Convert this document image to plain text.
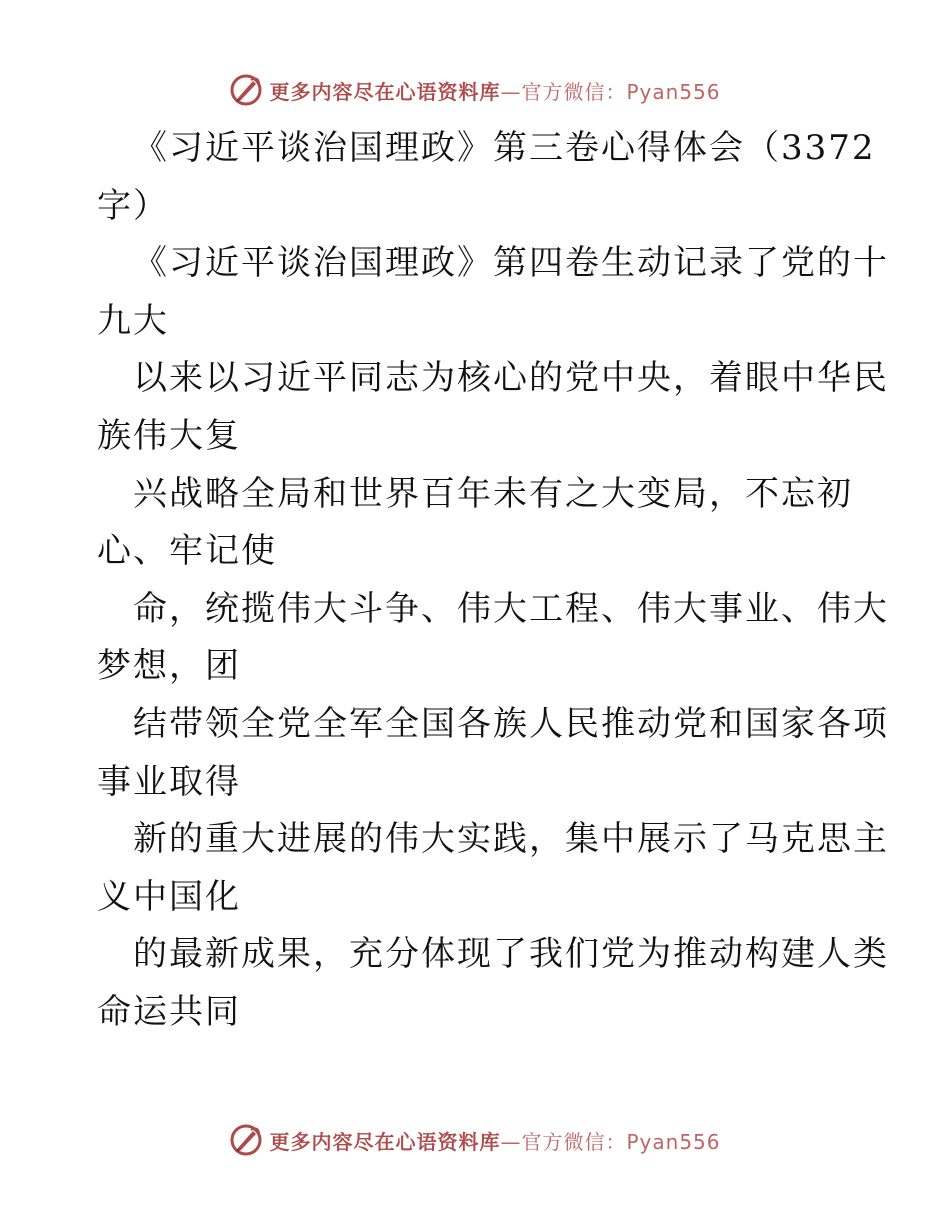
更多内容尽在心语资料库—官方微信：Pyan556
《习近平谈治国理政》第三卷心得体会（3372
字）
《习近平谈治国理政》第四卷生动记录了党的十
九大
以来以习近平同志为核心的党中央，着眼中华民
族伟大复
兴战略全局和世界百年未有之大变局，不忘初
心、牢记使
命，统揽伟大斗争、伟大工程、伟大事业、伟大
梦想，团
结带领全党全军全国各族人民推动党和国家各项
事业取得
新的重大进展的伟大实践，集中展示了马克思主
义中国化
的最新成果，充分体现了我们党为推动构建人类
命运共同
更多内容尽在心语资料库—官方微信：Pyan556
